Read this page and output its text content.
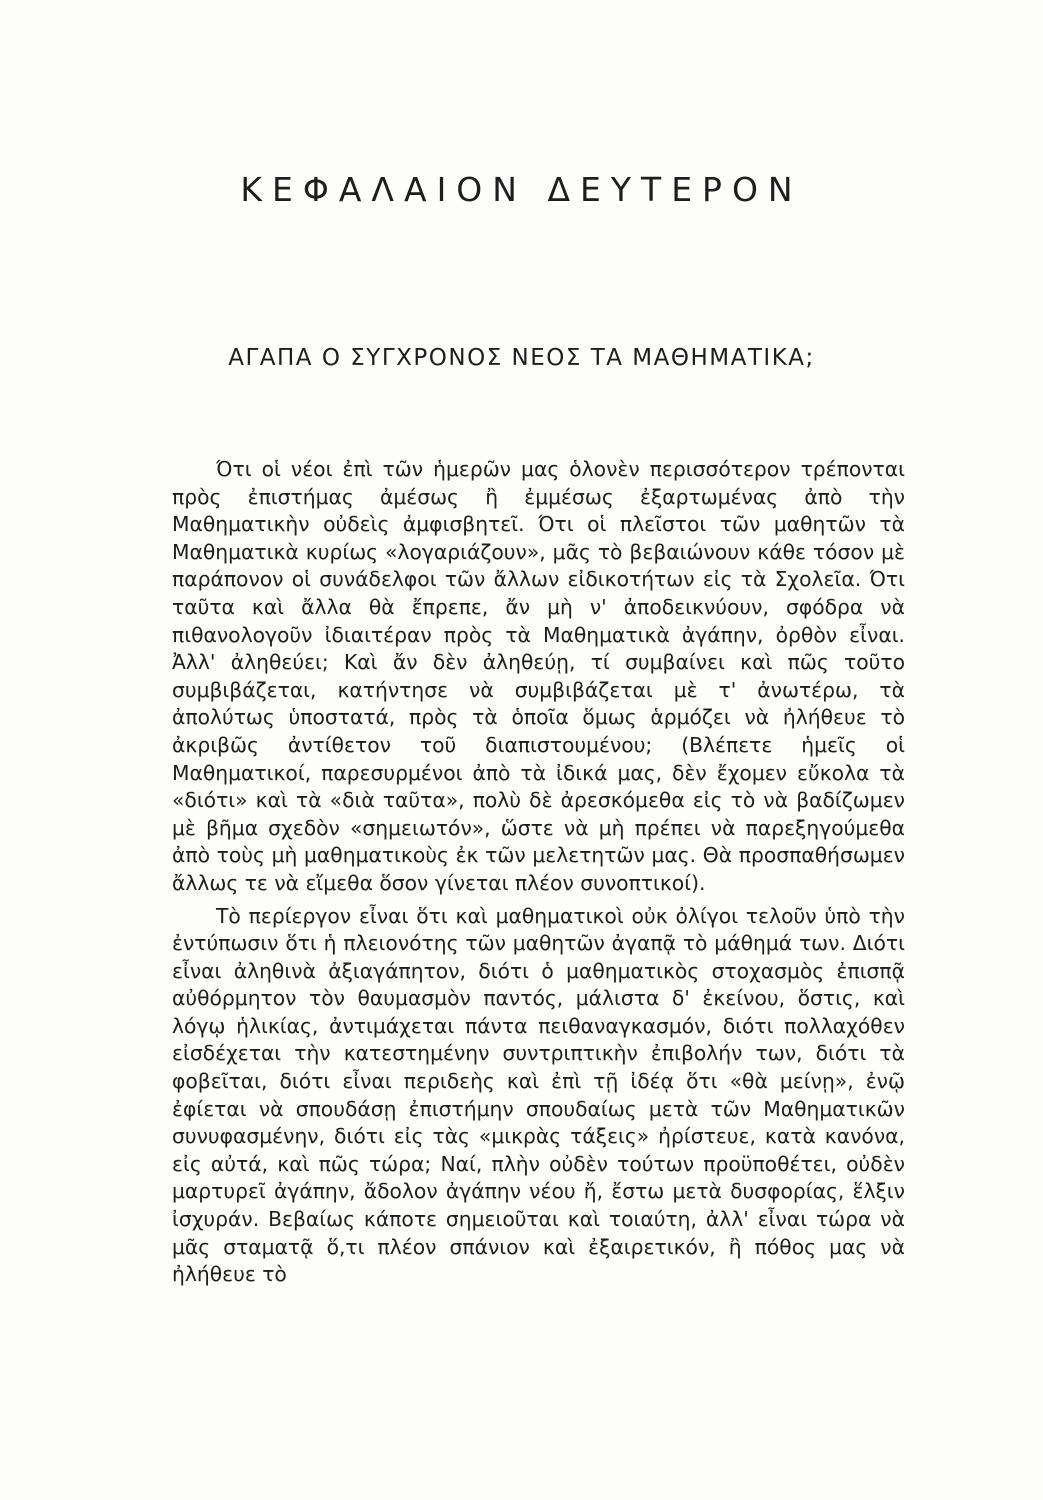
ΚΕΦΑΛΑΙΟΝ ΔΕΥΤΕΡΟΝ
ΑΓΑΠΑ Ο ΣΥΓΧΡΟΝΟΣ ΝΕΟΣ ΤΑ ΜΑΘΗΜΑΤΙΚΑ;

Ότι οἱ νέοι ἐπὶ τῶν ἡμερῶν μας ὁλονὲν περισσότερον τρέπονται πρὸς ἐπιστήμας ἀμέσως ἢ ἐμμέσως ἐξαρτωμένας ἀπὸ τὴν Μαθηματικὴν οὐδεὶς ἀμφισβητεῖ. Ότι οἱ πλεῖστοι τῶν μαθητῶν τὰ Μαθηματικὰ κυρίως «λογαριάζουν», μᾶς τὸ βεβαιώνουν κάθε τόσον μὲ παράπονον οἱ συνάδελφοι τῶν ἄλλων εἰδικοτήτων εἰς τὰ Σχολεῖα. Ότι ταῦτα καὶ ἄλλα θὰ ἔπρεπε, ἄν μὴ ν' ἀποδεικνύουν, σφόδρα νὰ πιθανολογοῦν ἰδιαιτέραν πρὸς τὰ Μαθηματικὰ ἀγάπην, ὀρθὸν εἶναι. Ἀλλ' ἀληθεύει; Καὶ ἄν δὲν ἀληθεύῃ, τί συμβαίνει καὶ πῶς τοῦτο συμβιβάζεται, κατήντησε νὰ συμβιβάζεται μὲ τ' ἀνωτέρω, τὰ ἀπολύτως ὑποστατά, πρὸς τὰ ὁποῖα ὅμως ἁρμόζει νὰ ἠλήθευε τὸ ἀκριβῶς ἀντίθετον τοῦ διαπιστουμένου; (Βλέπετε ἡμεῖς οἱ Μαθηματικοί, παρεσυρμένοι ἀπὸ τὰ ἰδικά μας, δὲν ἔχομεν εὔκολα τὰ «διότι» καὶ τὰ «διὰ ταῦτα», πολὺ δὲ ἀρεσκόμεθα εἰς τὸ νὰ βαδίζωμεν μὲ βῆμα σχεδὸν «σημειωτόν», ὥστε νὰ μὴ πρέπει νὰ παρεξηγούμεθα ἀπὸ τοὺς μὴ μαθηματικοὺς ἐκ τῶν μελετητῶν μας. Θὰ προσπαθήσωμεν ἄλλως τε νὰ εἴμεθα ὅσον γίνεται πλέον συνοπτικοί).

Τὸ περίεργον εἶναι ὅτι καὶ μαθηματικοὶ οὐκ ὀλίγοι τελοῦν ὑπὸ τὴν ἐντύπωσιν ὅτι ἡ πλειονότης τῶν μαθητῶν ἀγαπᾷ τὸ μάθημά των. Διότι εἶναι ἀληθινὰ ἀξιαγάπητον, διότι ὁ μαθηματικὸς στοχασμὸς ἐπισπᾷ αὐθόρμητον τὸν θαυμασμὸν παντός, μάλιστα δ' ἐκείνου, ὅστις, καὶ λόγῳ ἡλικίας, ἀντιμάχεται πάντα πειθαναγκασμόν, διότι πολλαχόθεν εἰσδέχεται τὴν κατεστημένην συντριπτικὴν ἐπιβολήν των, διότι τὰ φοβεῖται, διότι εἶναι περιδεὴς καὶ ἐπὶ τῇ ἰδέᾳ ὅτι «θὰ μείνῃ», ἐνῷ ἐφίεται νὰ σπουδάσῃ ἐπιστήμην σπουδαίως μετὰ τῶν Μαθηματικῶν συνυφασμένην, διότι εἰς τὰς «μικρὰς τάξεις» ἠρίστευε, κατὰ κανόνα, εἰς αὐτά, καὶ πῶς τώρα; Ναί, πλὴν οὐδὲν τούτων προϋποθέτει, οὐδὲν μαρτυρεῖ ἀγάπην, ἄδολον ἀγάπην νέου ἤ, ἔστω μετὰ δυσφορίας, ἕλξιν ἰσχυράν. Βεβαίως κάποτε σημειοῦται καὶ τοιαύτη, ἀλλ' εἶναι τώρα νὰ μᾶς σταματᾷ ὅ,τι πλέον σπάνιον καὶ ἐξαιρετικόν, ἢ πόθος μας νὰ ἠλήθευε τὸ
